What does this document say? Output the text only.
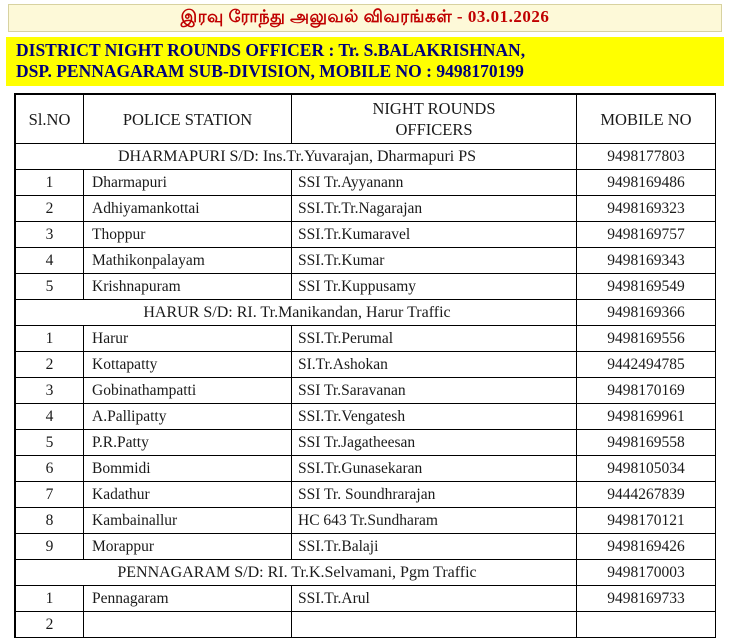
இரவு ரோந்து அலுவல் விவரங்கள் - 03.01.2026
DISTRICT NIGHT ROUNDS OFFICER : Tr. S.BALAKRISHNAN,
DSP. PENNAGARAM SUB-DIVISION, MOBILE NO : 9498170199
Sl.NO	POLICE STATION	NIGHT ROUNDS
OFFICERS	MOBILE NO
DHARMAPURI S/D: Ins.Tr.Yuvarajan, Dharmapuri PS			9498177803
1	Dharmapuri	SSI Tr.Ayyanann	9498169486
2	Adhiyamankottai	SSI.Tr.Tr.Nagarajan	9498169323
3	Thoppur	SSI.Tr.Kumaravel	9498169757
4	Mathikonpalayam	SSI.Tr.Kumar	9498169343
5	Krishnapuram	SSI Tr.Kuppusamy	9498169549
HARUR S/D: RI. Tr.Manikandan, Harur Traffic			9498169366
1	Harur	SSI.Tr.Perumal	9498169556
2	Kottapatty	SI.Tr.Ashokan	9442494785
3	Gobinathampatti	SSI Tr.Saravanan	9498170169
4	A.Pallipatty	SSI.Tr.Vengatesh	9498169961
5	P.R.Patty	SSI Tr.Jagatheesan	9498169558
6	Bommidi	SSI.Tr.Gunasekaran	9498105034
7	Kadathur	SSI Tr. Soundhrarajan	9444267839
8	Kambainallur	HC 643 Tr.Sundharam	9498170121
9	Morappur	SSI.Tr.Balaji	9498169426
PENNAGARAM S/D: RI. Tr.K.Selvamani, Pgm Traffic			9498170003
1	Pennagaram	SSI.Tr.Arul	9498169733
2			
